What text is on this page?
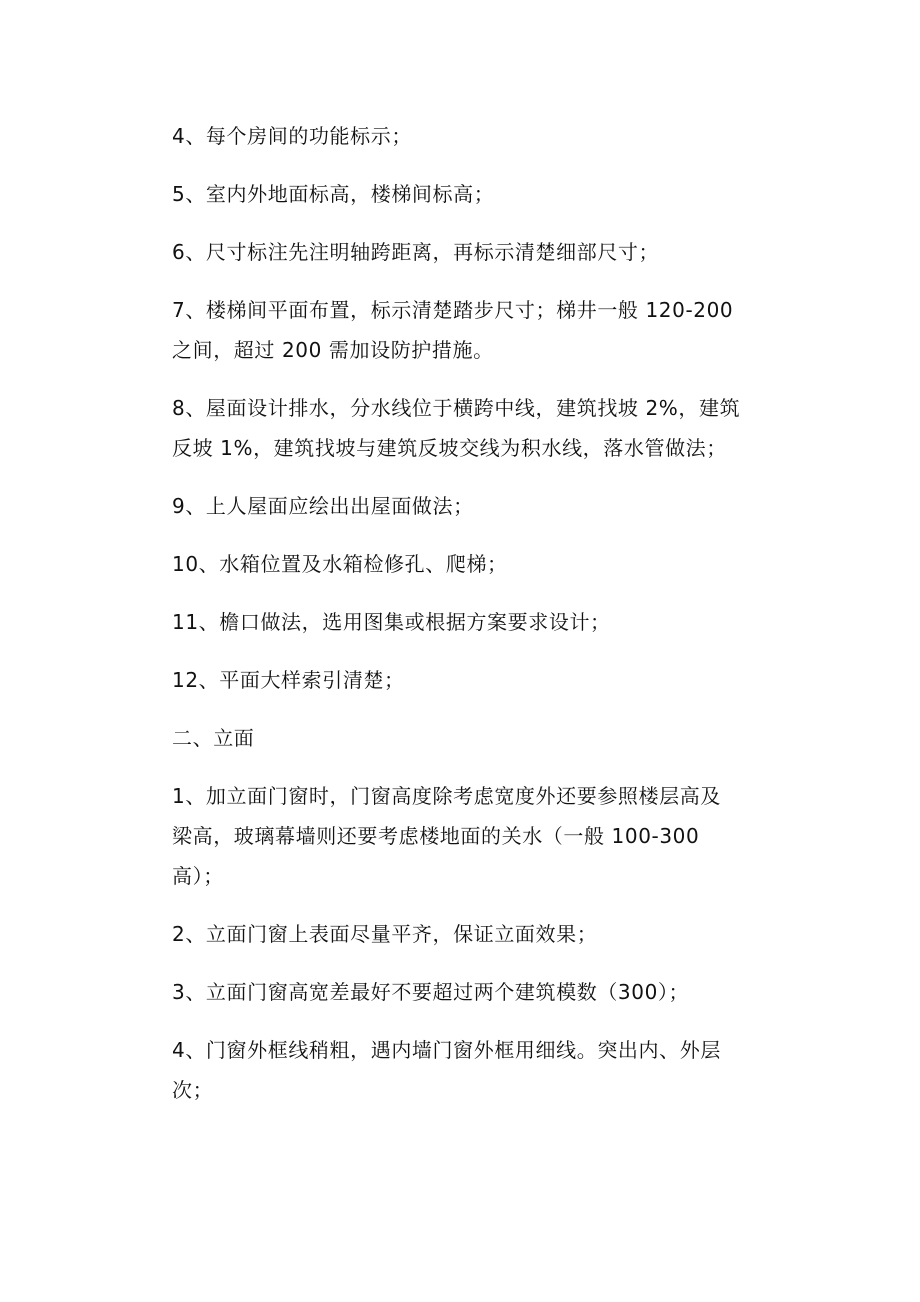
4、每个房间的功能标示；

5、室内外地面标高，楼梯间标高；

6、尺寸标注先注明轴跨距离，再标示清楚细部尺寸；

7、楼梯间平面布置，标示清楚踏步尺寸；梯井一般 120-200
之间，超过 200 需加设防护措施。

8、屋面设计排水，分水线位于横跨中线，建筑找坡 2%，建筑
反坡 1%，建筑找坡与建筑反坡交线为积水线，落水管做法；

9、上人屋面应绘出出屋面做法；

10、水箱位置及水箱检修孔、爬梯；

11、檐口做法，选用图集或根据方案要求设计；

12、平面大样索引清楚；

二、立面

1、加立面门窗时，门窗高度除考虑宽度外还要参照楼层高及
梁高，玻璃幕墙则还要考虑楼地面的关水（一般 100-300
高）；

2、立面门窗上表面尽量平齐，保证立面效果；

3、立面门窗高宽差最好不要超过两个建筑模数（300）；

4、门窗外框线稍粗，遇内墙门窗外框用细线。突出内、外层
次；
